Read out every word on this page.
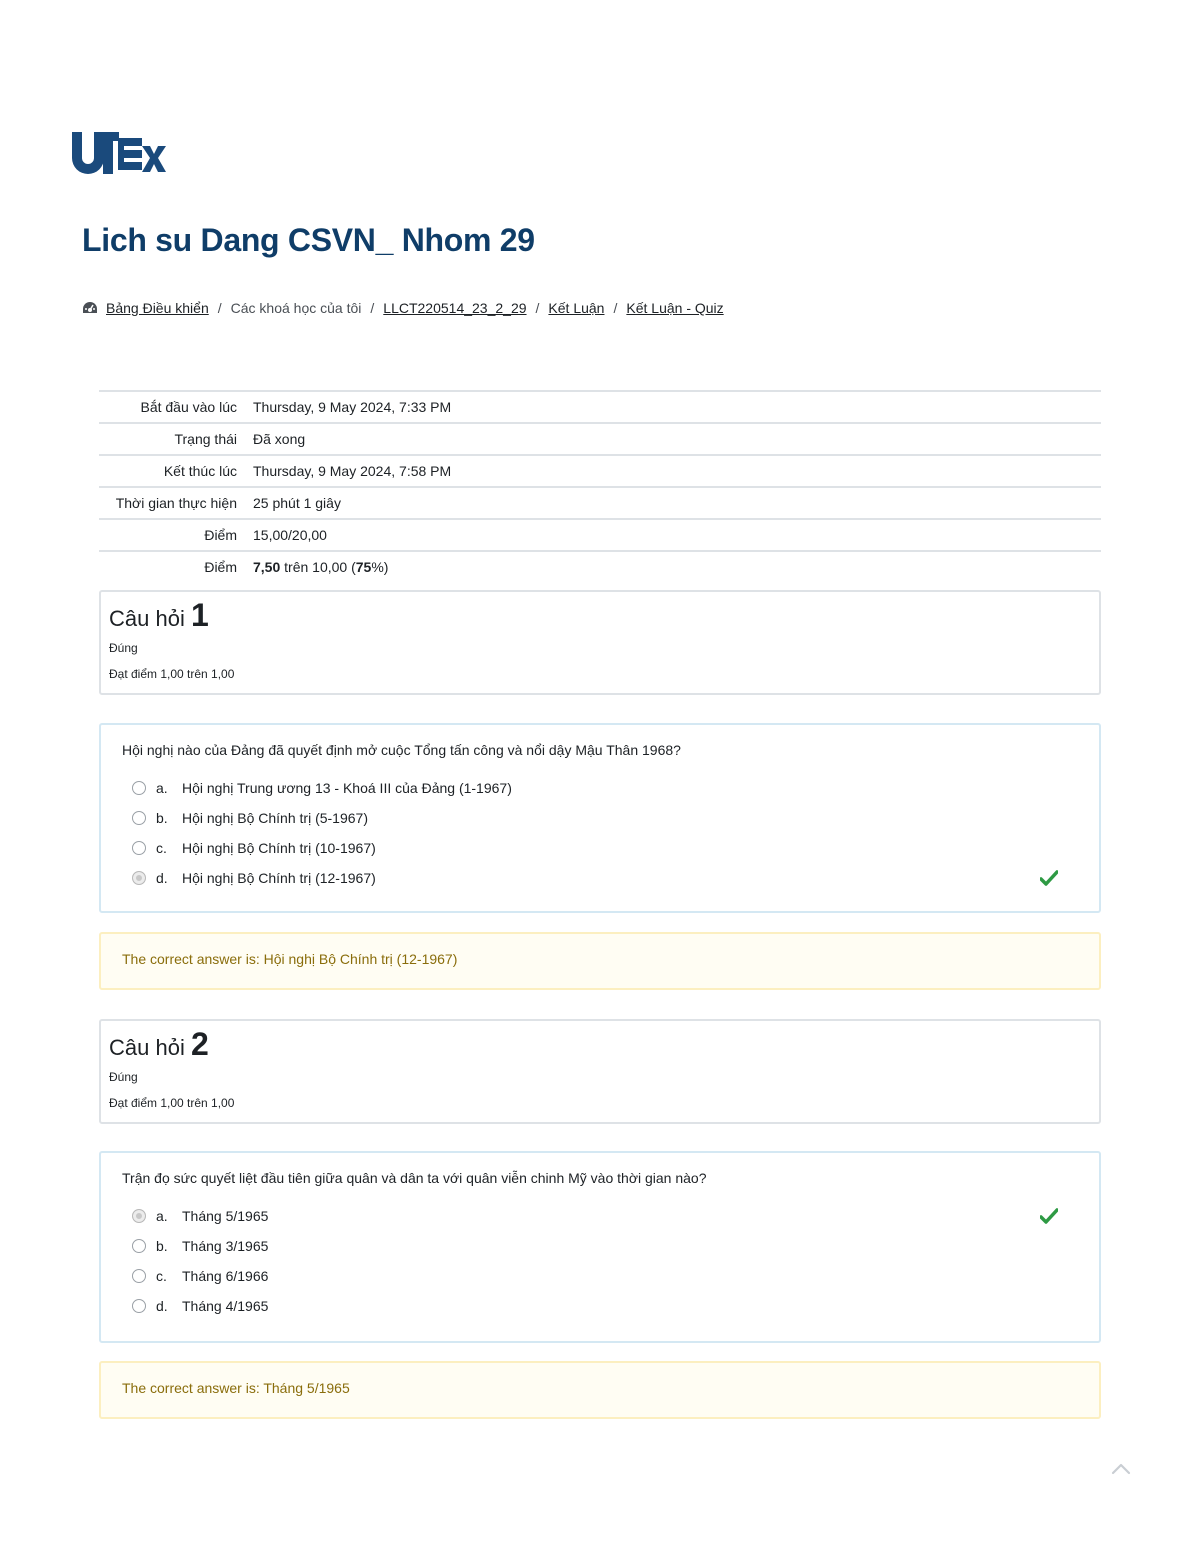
Lich su Dang CSVN_ Nhom 29
Bảng Điều khiển / Các khoá học của tôi / LLCT220514_23_2_29 / Kết Luận / Kết Luận - Quiz
Bắt đầu vào lúc	Thursday, 9 May 2024, 7:33 PM
Trạng thái	Đã xong
Kết thúc lúc	Thursday, 9 May 2024, 7:58 PM
Thời gian thực hiện	25 phút 1 giây
Điểm	15,00/20,00
Điểm	7,50 trên 10,00 (75%)
Câu hỏi 1
Đúng
Đạt điểm 1,00 trên 1,00
Hội nghị nào của Đảng đã quyết định mở cuộc Tổng tấn công và nổi dậy Mậu Thân 1968?
a.	Hội nghị Trung ương 13 - Khoá III của Đảng (1-1967)
b.	Hội nghị Bộ Chính trị (5-1967)
c.	Hội nghị Bộ Chính trị (10-1967)
d.	Hội nghị Bộ Chính trị (12-1967)
The correct answer is: Hội nghị Bộ Chính trị (12-1967)
Câu hỏi 2
Đúng
Đạt điểm 1,00 trên 1,00
Trận đọ sức quyết liệt đầu tiên giữa quân và dân ta với quân viễn chinh Mỹ vào thời gian nào?
a.	Tháng 5/1965
b.	Tháng 3/1965
c.	Tháng 6/1966
d.	Tháng 4/1965
The correct answer is: Tháng 5/1965
